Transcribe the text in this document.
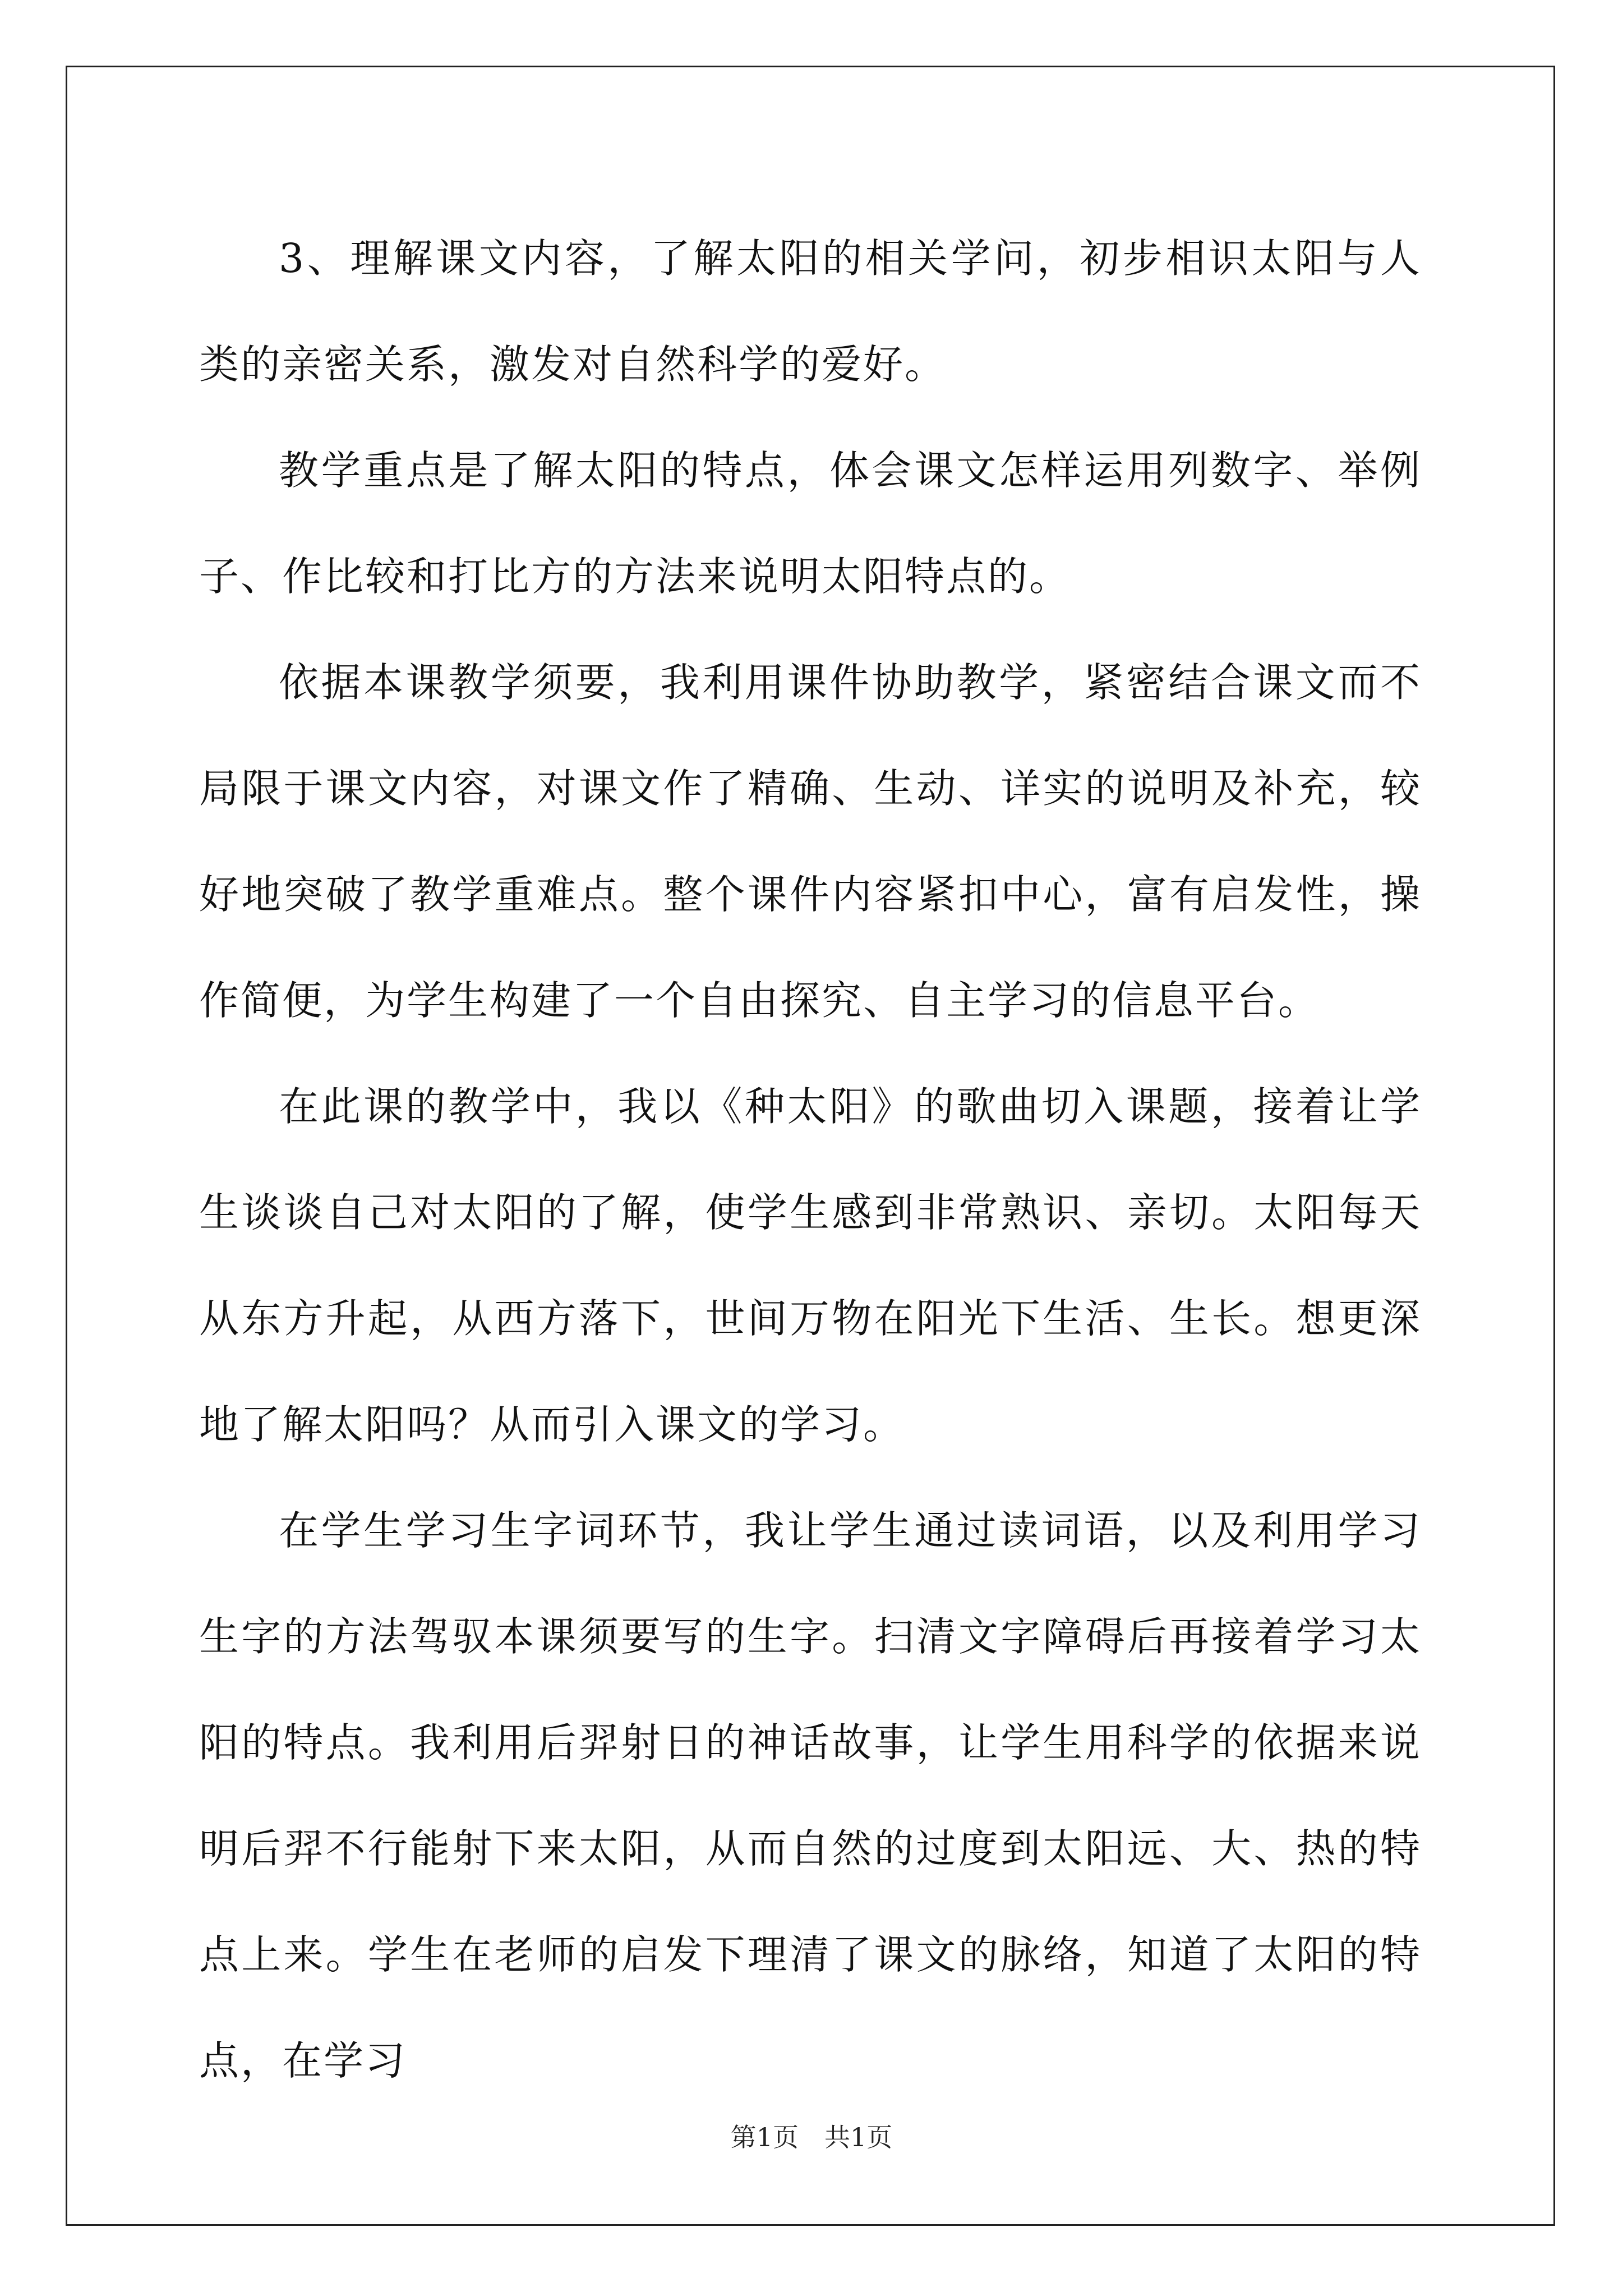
3、理解课文内容，了解太阳的相关学问，初步相识太阳与人类的亲密关系，激发对自然科学的爱好。

教学重点是了解太阳的特点，体会课文怎样运用列数字、举例子、作比较和打比方的方法来说明太阳特点的。

依据本课教学须要，我利用课件协助教学，紧密结合课文而不局限于课文内容，对课文作了精确、生动、详实的说明及补充，较好地突破了教学重难点。整个课件内容紧扣中心，富有启发性，操作简便，为学生构建了一个自由探究、自主学习的信息平台。

在此课的教学中，我以《种太阳》的歌曲切入课题，接着让学生谈谈自己对太阳的了解，使学生感到非常熟识、亲切。太阳每天从东方升起，从西方落下，世间万物在阳光下生活、生长。想更深地了解太阳吗？从而引入课文的学习。

在学生学习生字词环节，我让学生通过读词语，以及利用学习生字的方法驾驭本课须要写的生字。扫清文字障碍后再接着学习太阳的特点。我利用后羿射日的神话故事，让学生用科学的依据来说明后羿不行能射下来太阳，从而自然的过度到太阳远、大、热的特点上来。学生在老师的启发下理清了课文的脉络，知道了太阳的特点，在学习

第1页　共1页
